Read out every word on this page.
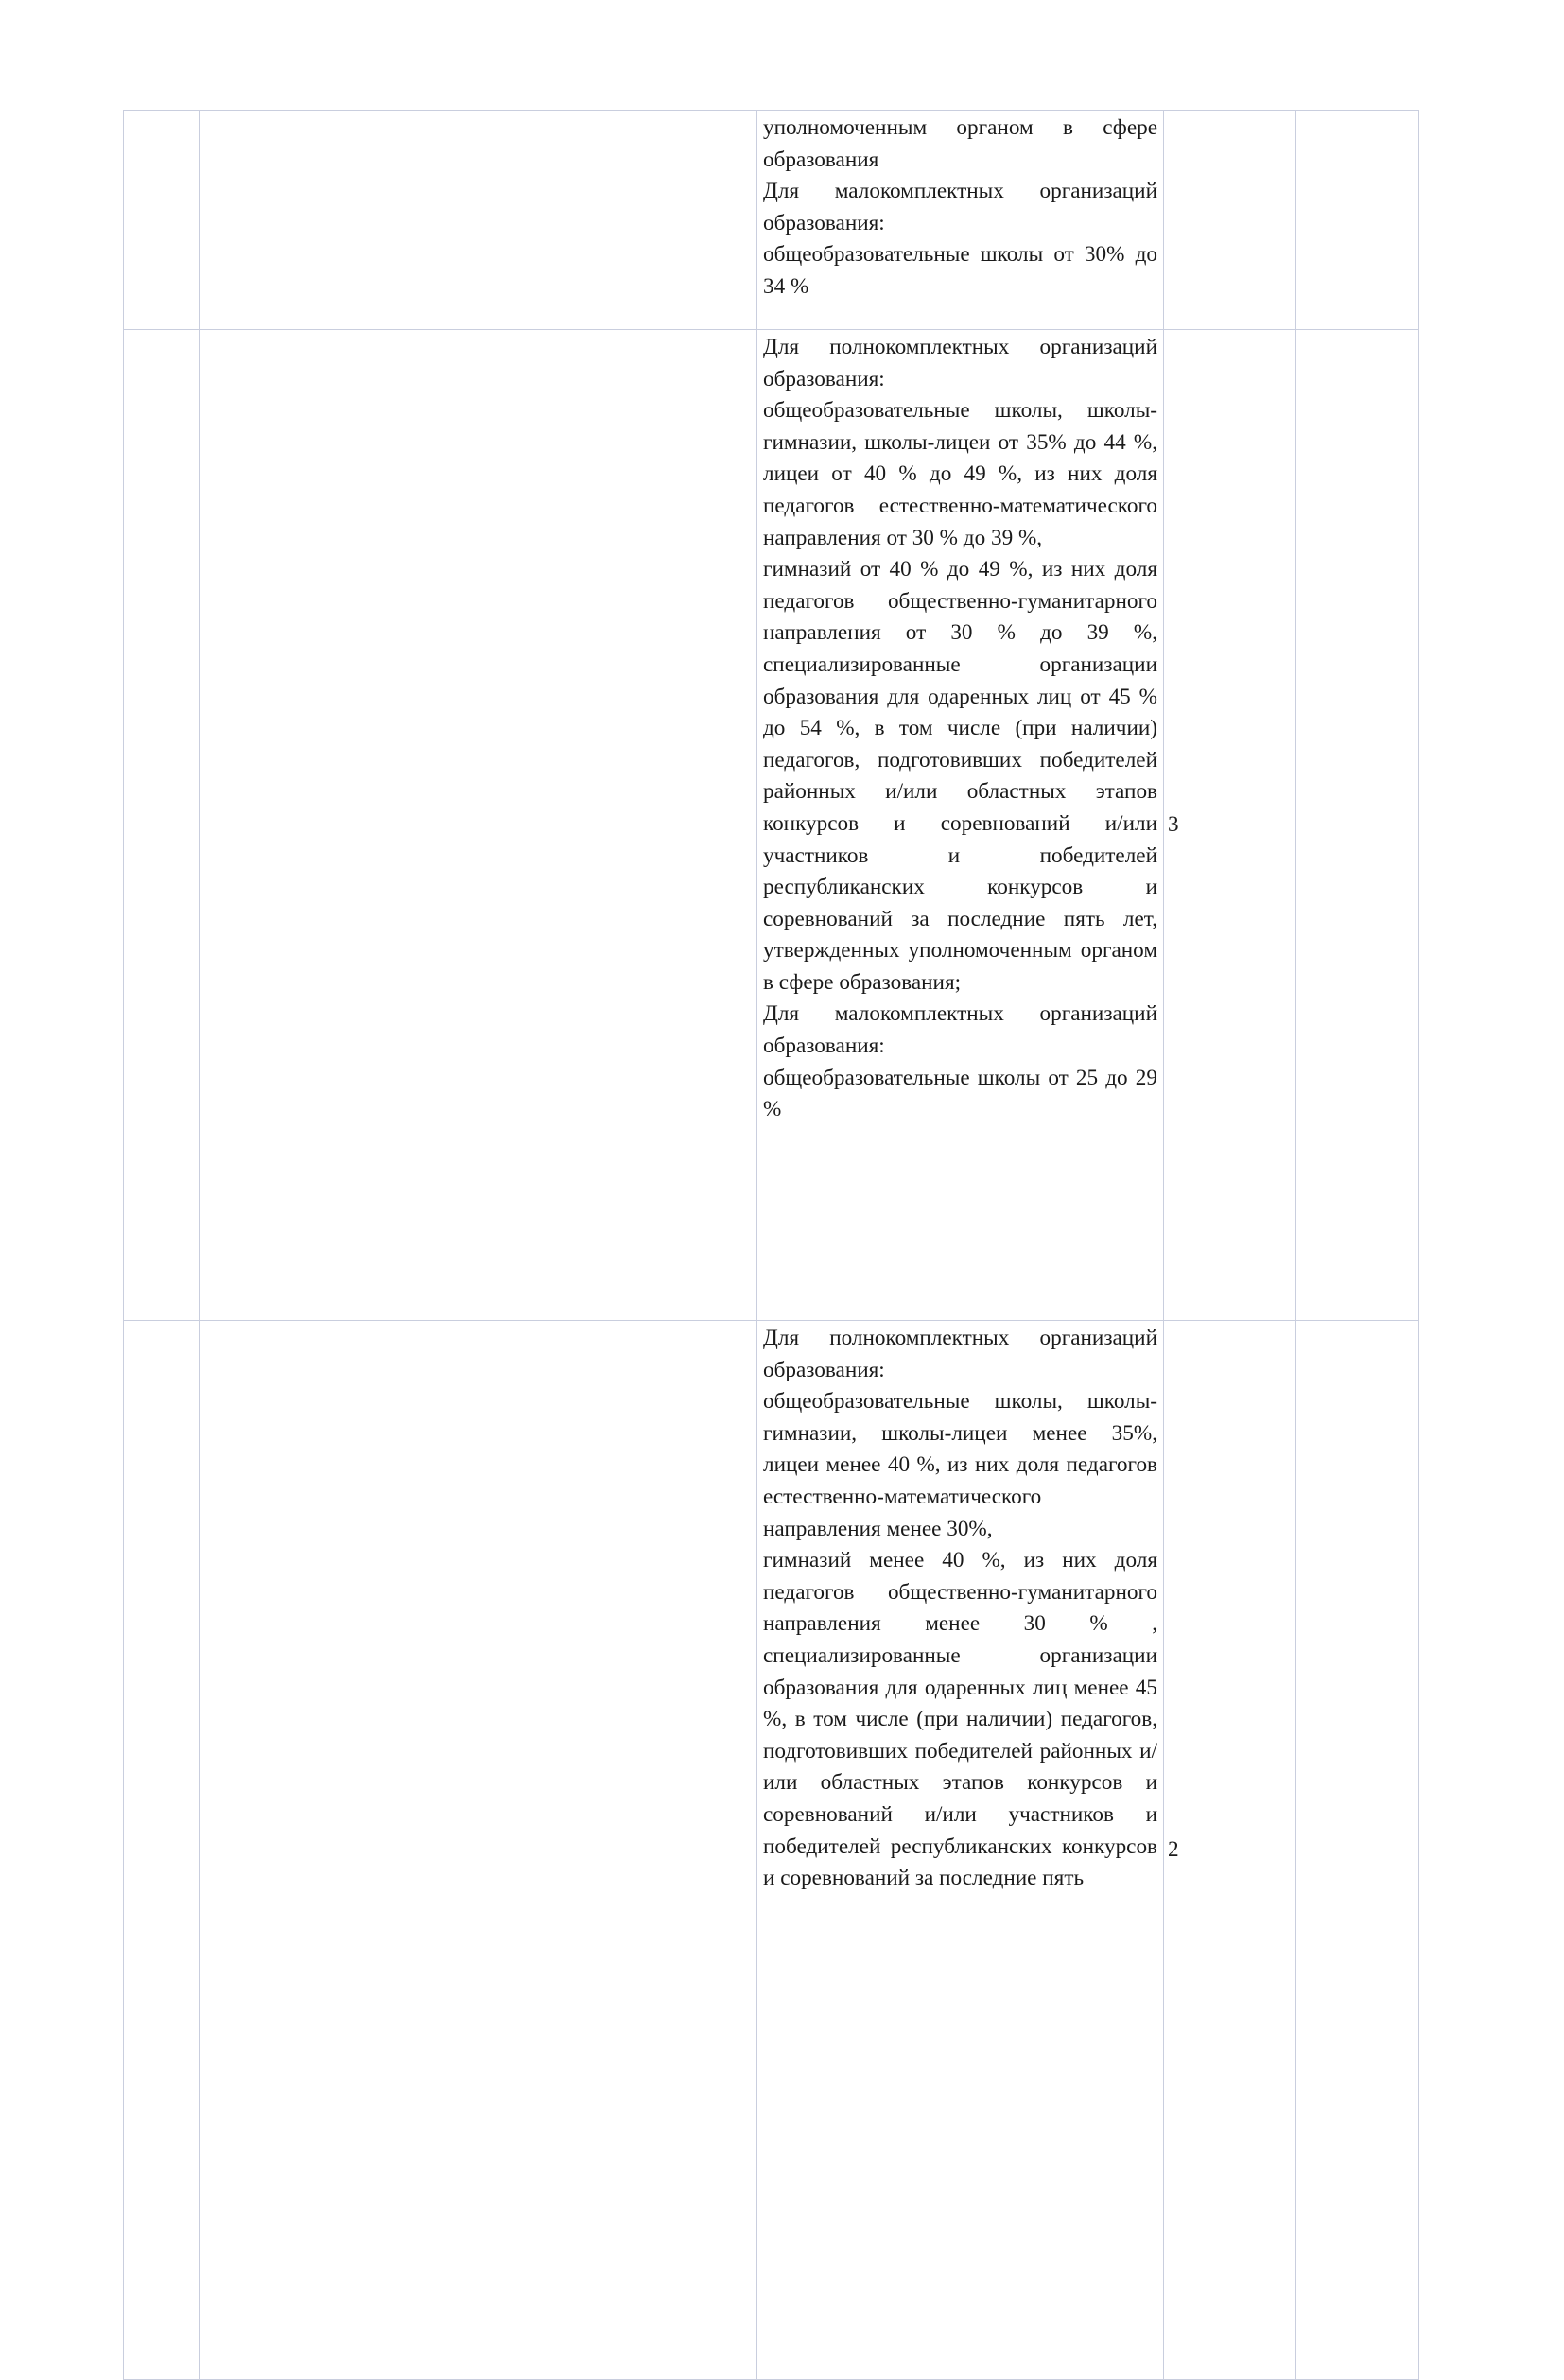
			уполномоченным органом в сфере образования

Для малокомплектных организаций образования:

общеобразовательные школы от 30% до 34 %		

			Для полнокомплектных организаций образования:

общеобразовательные школы, школы-гимназии, школы-лицеи от 35% до 44 %, лицеи от 40 % до 49 %, из них доля педагогов естественно-математического направления от 30 % до 39 %,

гимназий от 40 % до 49 %, из них доля педагогов общественно-гуманитарного направления от 30 % до 39 %, специализированные организации образования для одаренных лиц от 45 % до 54 %, в том числе (при наличии) педагогов, подготовивших победителей районных и/или областных этапов конкурсов и соревнований и/или участников и победителей республиканских конкурсов и соревнований за последние пять лет, утвержденных уполномоченным органом в сфере образования;

Для малокомплектных организаций образования:

общеобразовательные школы от 25 до 29 %	3	

			Для полнокомплектных организаций образования:

общеобразовательные школы, школы-гимназии, школы-лицеи менее 35%, лицеи менее 40 %, из них доля педагогов естественно-математического направления менее 30%,

гимназий менее 40 %, из них доля педагогов общественно-гуманитарного направления менее 30 % , специализированные организации образования для одаренных лиц менее 45 %, в том числе (при наличии) педагогов, подготовивших победителей районных и/или областных этапов конкурсов и соревнований и/или участников и победителей республиканских конкурсов и соревнований за последние пять	2	
